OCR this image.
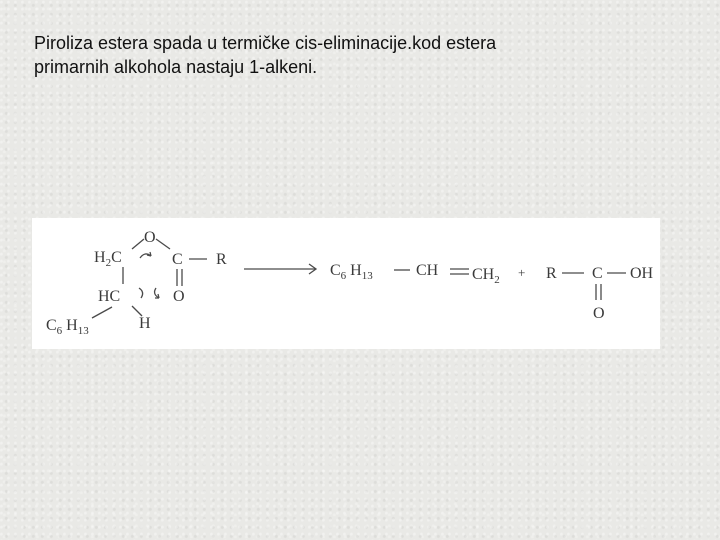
Piroliza estera spada u termičke cis-eliminacije.kod estera
primarnih alkohola nastaju 1-alkeni.
$H_2C$
O
C R
HC	O
$C_6$ $H_{13}$	H
$C_6$ $H_{13}$	CH $CH_2 + R$ C OH
O
